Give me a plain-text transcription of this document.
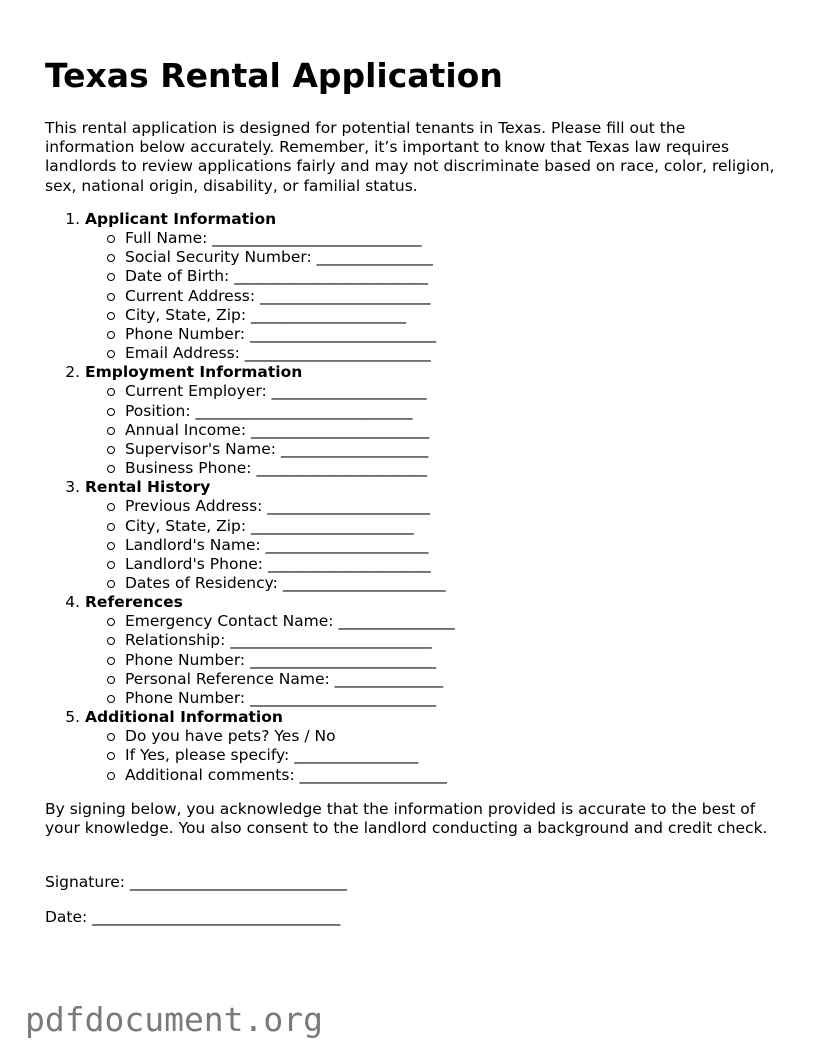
Texas Rental Application

This rental application is designed for potential tenants in Texas. Please fill out the information below accurately. Remember, it’s important to know that Texas law requires landlords to review applications fairly and may not discriminate based on race, color, religion, sex, national origin, disability, or familial status.

1. Applicant Information
Full Name: ___________________________
Social Security Number: _______________
Date of Birth: _________________________
Current Address: ______________________
City, State, Zip: ____________________
Phone Number: ________________________
Email Address: ________________________
2. Employment Information
Current Employer: ____________________
Position: ____________________________
Annual Income: _______________________
Supervisor's Name: ___________________
Business Phone: ______________________
3. Rental History
Previous Address: _____________________
City, State, Zip: _____________________
Landlord's Name: _____________________
Landlord's Phone: _____________________
Dates of Residency: _____________________
4. References
Emergency Contact Name: _______________
Relationship: __________________________
Phone Number: ________________________
Personal Reference Name: ______________
Phone Number: ________________________
5. Additional Information
Do you have pets? Yes / No
If Yes, please specify: ________________
Additional comments: ___________________

By signing below, you acknowledge that the information provided is accurate to the best of your knowledge. You also consent to the landlord conducting a background and credit check.

Signature: ____________________________
Date: ________________________________
pdfdocument.org
